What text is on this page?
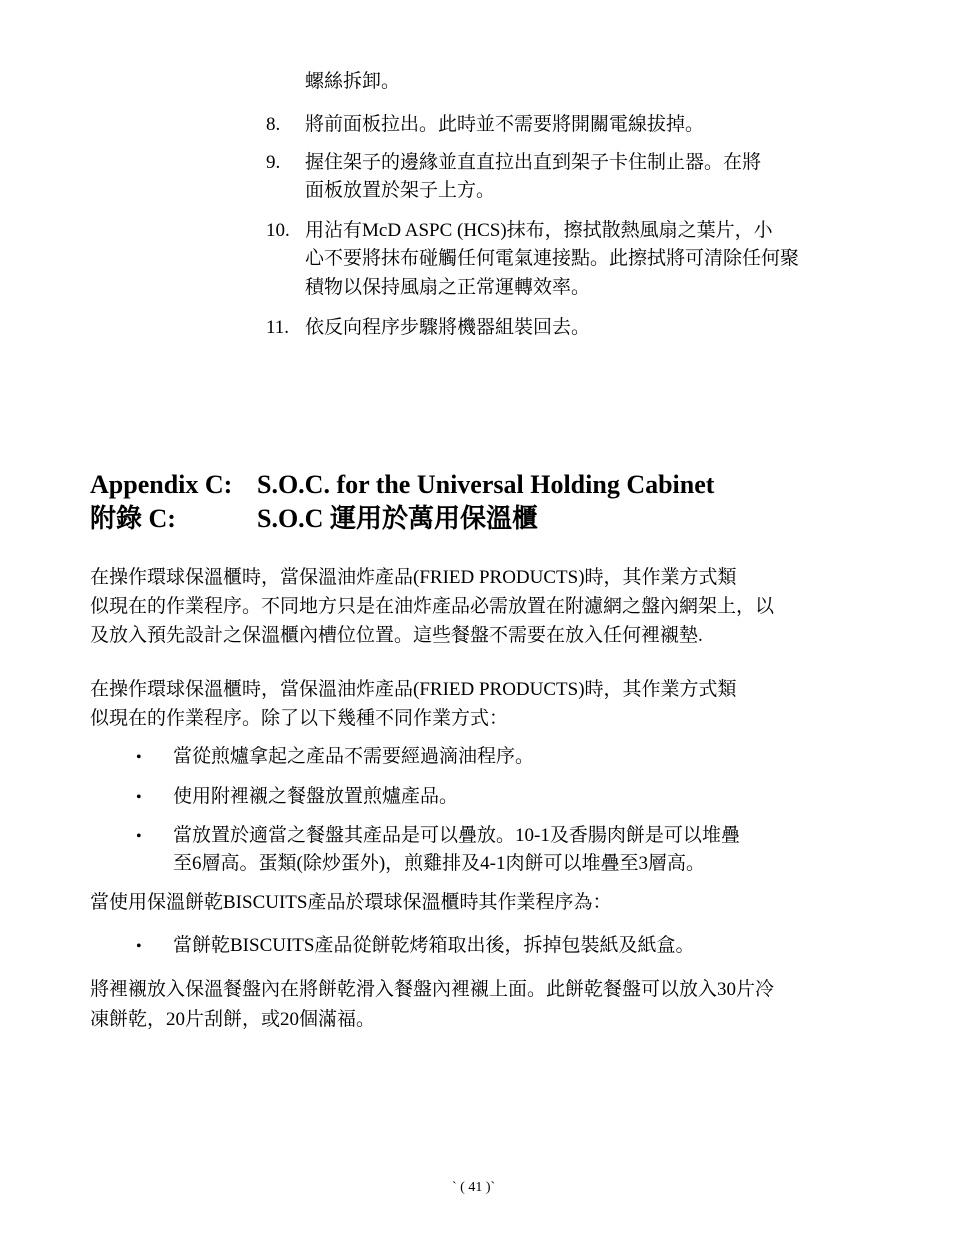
螺絲拆卸。
8. 將前面板拉出。此時並不需要將開關電線拔掉。
9. 握住架子的邊緣並直直拉出直到架子卡住制止器。在將
面板放置於架子上方。
10. 用沾有McD ASPC (HCS)抹布，擦拭散熱風扇之葉片，小
心不要將抹布碰觸任何電氣連接點。此擦拭將可清除任何聚
積物以保持風扇之正常運轉效率。
11. 依反向程序步驟將機器組裝回去。
Appendix C: S.O.C. for the Universal Holding Cabinet
附錄 C:	S.O.C 運用於萬用保溫櫃
在操作環球保溫櫃時，當保溫油炸產品(FRIED PRODUCTS)時，其作業方式類
似現在的作業程序。不同地方只是在油炸產品必需放置在附濾網之盤內網架上，以
及放入預先設計之保溫櫃內槽位位置。這些餐盤不需要在放入任何裡襯墊.
在操作環球保溫櫃時，當保溫油炸產品(FRIED PRODUCTS)時，其作業方式類
似現在的作業程序。除了以下幾種不同作業方式：
• 當從煎爐拿起之產品不需要經過滴油程序。
• 使用附裡襯之餐盤放置煎爐產品。
• 當放置於適當之餐盤其產品是可以疊放。10-1及香腸肉餅是可以堆疊
至6層高。蛋類(除炒蛋外)，煎雞排及4-1肉餅可以堆疊至3層高。
當使用保溫餅乾BISCUITS產品於環球保溫櫃時其作業程序為：
• 當餅乾BISCUITS產品從餅乾烤箱取出後，拆掉包裝紙及紙盒。
將裡襯放入保溫餐盤內在將餅乾滑入餐盤內裡襯上面。此餅乾餐盤可以放入30片冷
凍餅乾，20片刮餅，或20個滿福。
` ( 41 )`
